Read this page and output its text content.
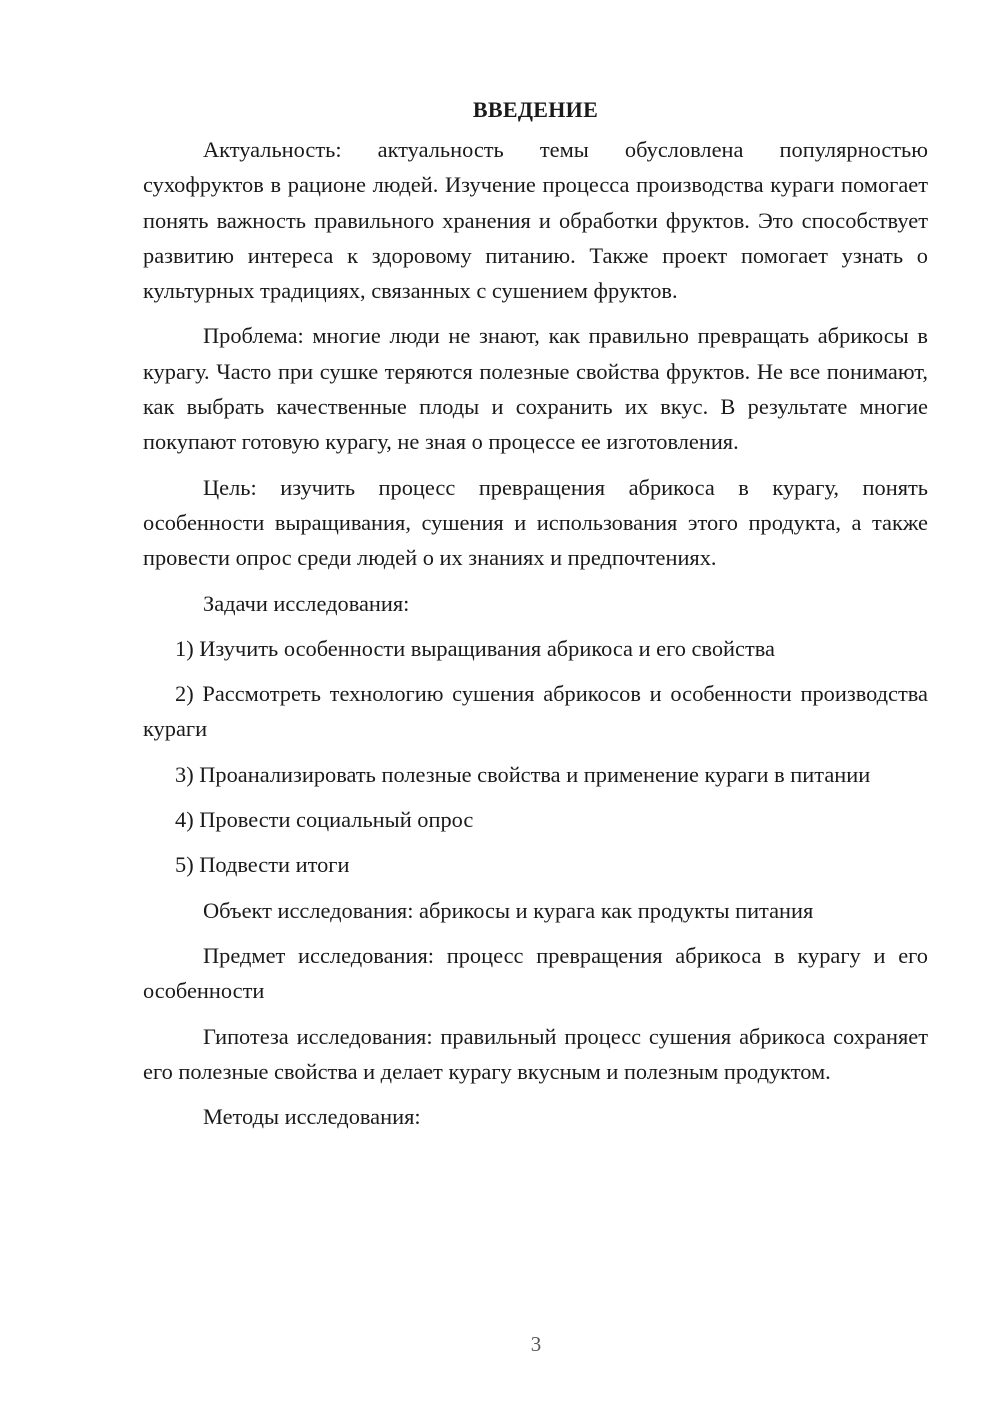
ВВЕДЕНИЕ

Актуальность: актуальность темы обусловлена популярностью сухофруктов в рационе людей. Изучение процесса производства кураги помогает понять важность правильного хранения и обработки фруктов. Это способствует развитию интереса к здоровому питанию. Также проект помогает узнать о культурных традициях, связанных с сушением фруктов.

Проблема: многие люди не знают, как правильно превращать абрикосы в курагу. Часто при сушке теряются полезные свойства фруктов. Не все понимают, как выбрать качественные плоды и сохранить их вкус. В результате многие покупают готовую курагу, не зная о процессе ее изготовления.

Цель: изучить процесс превращения абрикоса в курагу, понять особенности выращивания, сушения и использования этого продукта, а также провести опрос среди людей о их знаниях и предпочтениях.

Задачи исследования:

1) Изучить особенности выращивания абрикоса и его свойства

2) Рассмотреть технологию сушения абрикосов и особенности производства кураги

3) Проанализировать полезные свойства и применение кураги в питании

4) Провести социальный опрос

5) Подвести итоги

Объект исследования: абрикосы и курага как продукты питания

Предмет исследования: процесс превращения абрикоса в курагу и его особенности

Гипотеза исследования: правильный процесс сушения абрикоса сохраняет его полезные свойства и делает курагу вкусным и полезным продуктом.

Методы исследования:

3
